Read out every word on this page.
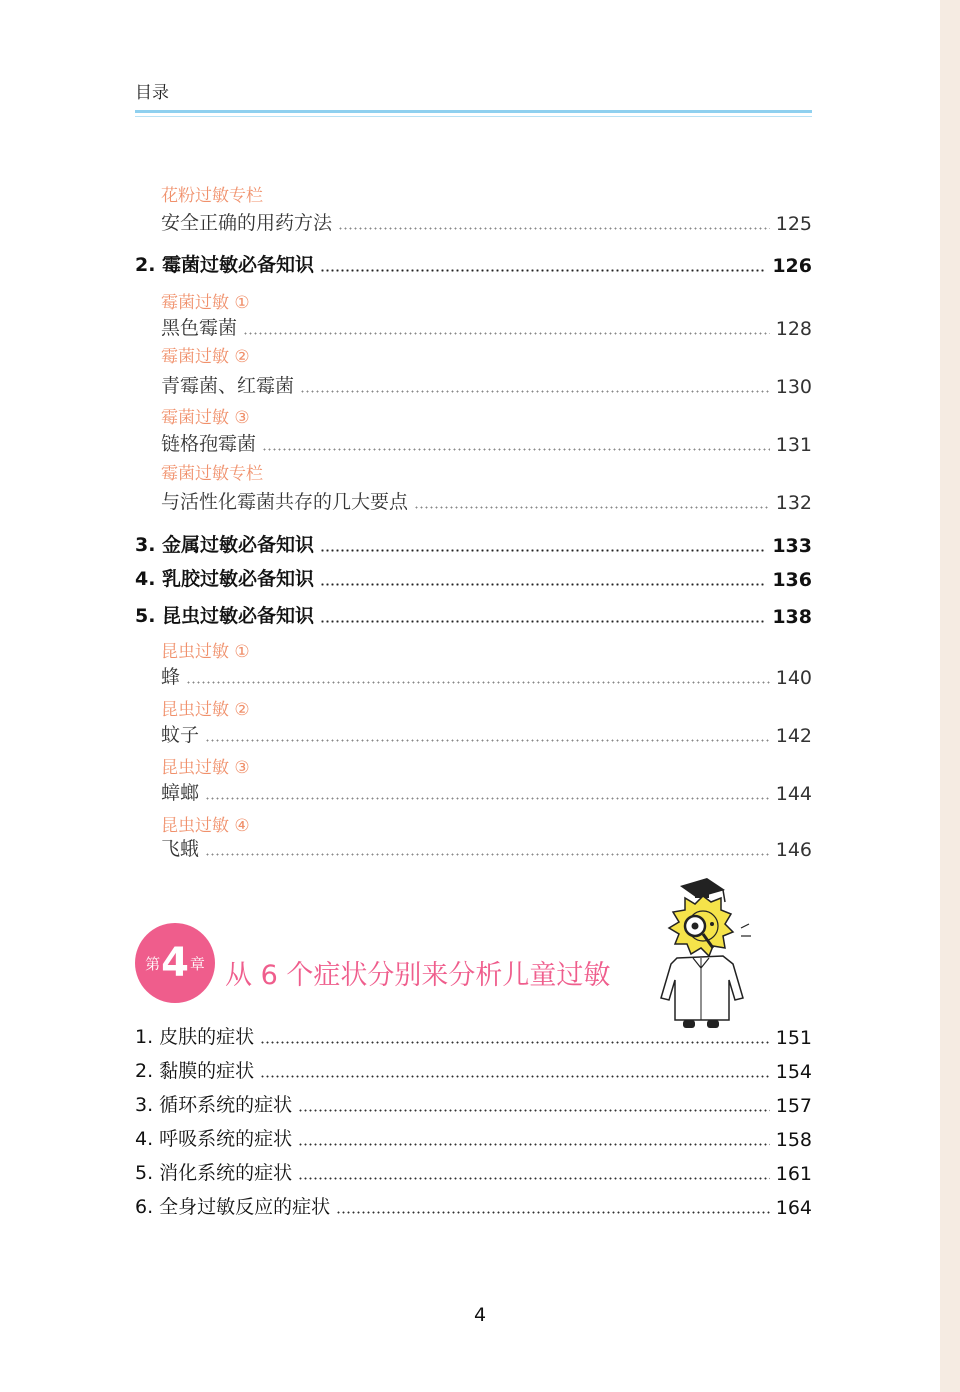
目录
花粉过敏专栏
安全正确的用药方法	125
2. 霉菌过敏必备知识	126
霉菌过敏 ①
黑色霉菌	128
霉菌过敏 ②
青霉菌、红霉菌	130
霉菌过敏 ③
链格孢霉菌	131
霉菌过敏专栏
与活性化霉菌共存的几大要点	132
3. 金属过敏必备知识	133
4. 乳胶过敏必备知识	136
5. 昆虫过敏必备知识	138
昆虫过敏 ①
蜂	140
昆虫过敏 ②
蚊子	142
昆虫过敏 ③
蟑螂	144
昆虫过敏 ④
飞蛾	146
第 4 章 从 6 个症状分别来分析儿童过敏
1. 皮肤的症状	151
2. 黏膜的症状	154
3. 循环系统的症状	157
4. 呼吸系统的症状	158
5. 消化系统的症状	161
6. 全身过敏反应的症状	164
4
